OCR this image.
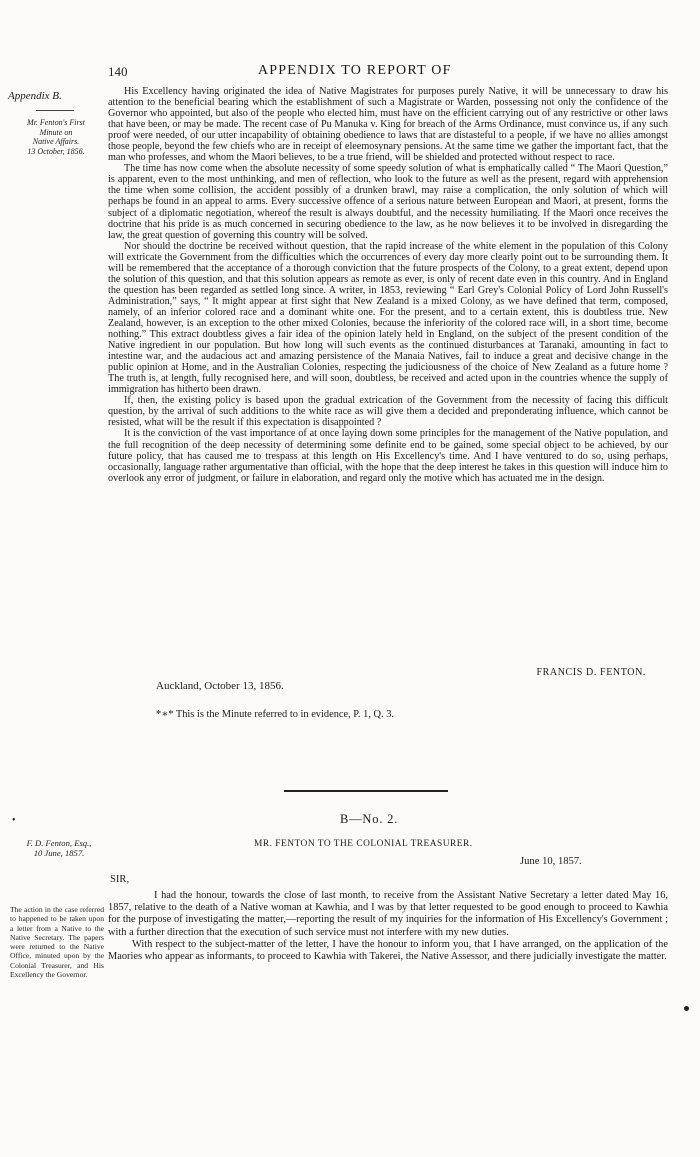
140	APPENDIX TO REPORT OF
Appendix B.
Mr. Fenton's First
Minute on
Native Affairs.
13 October, 1856.

His Excellency having originated the idea of Native Magistrates for purposes purely Native, it will be unnecessary to draw his attention to the beneficial bearing which the establishment of such a Magistrate or Warden, possessing not only the confidence of the Governor who appointed, but also of the people who elected him, must have on the efficient carrying out of any restrictive or other laws that have been, or may be made. The recent case of Pu Manuka v. King for breach of the Arms Ordinance, must convince us, if any such proof were needed, of our utter incapability of obtaining obedience to laws that are distasteful to a people, if we have no allies amongst those people, beyond the few chiefs who are in receipt of eleemosynary pensions. At the same time we gather the important fact, that the man who professes, and whom the Maori believes, to be a true friend, will be shielded and protected without respect to race.

The time has now come when the absolute necessity of some speedy solution of what is emphatically called “ The Maori Question,” is apparent, even to the most unthinking, and men of reflection, who look to the future as well as the present, regard with apprehension the time when some collision, the accident possibly of a drunken brawl, may raise a complication, the only solution of which will perhaps be found in an appeal to arms. Every successive offence of a serious nature between European and Maori, at present, forms the subject of a diplomatic negotiation, whereof the result is always doubtful, and the necessity humiliating. If the Maori once receives the doctrine that his pride is as much concerned in securing obedience to the law, as he now believes it to be involved in disregarding the law, the great question of governing this country will be solved.

Nor should the doctrine be received without question, that the rapid increase of the white element in the population of this Colony will extricate the Government from the difficulties which the occurrences of every day more clearly point out to be surrounding them. It will be remembered that the acceptance of a thorough conviction that the future prospects of the Colony, to a great extent, depend upon the solution of this question, and that this solution appears as remote as ever, is only of recent date even in this country. And in England the question has been regarded as settled long since. A writer, in 1853, reviewing “ Earl Grey's Colonial Policy of Lord John Russell's Administration,” says, “ It might appear at first sight that New Zealand is a mixed Colony, as we have defined that term, composed, namely, of an inferior colored race and a dominant white one. For the present, and to a certain extent, this is doubtless true. New Zealand, however, is an exception to the other mixed Colonies, because the inferiority of the colored race will, in a short time, become nothing.” This extract doubtless gives a fair idea of the opinion lately held in England, on the subject of the present condition of the Native ingredient in our population. But how long will such events as the continued disturbances at Taranaki, amounting in fact to intestine war, and the audacious act and amazing persistence of the Manaia Natives, fail to induce a great and decisive change in the public opinion at Home, and in the Australian Colonies, respecting the judiciousness of the choice of New Zealand as a future home ? The truth is, at length, fully recognised here, and will soon, doubtless, be received and acted upon in the countries whence the supply of immigration has hitherto been drawn.

If, then, the existing policy is based upon the gradual extrication of the Government from the necessity of facing this difficult question, by the arrival of such additions to the white race as will give them a decided and preponderating influence, which cannot be resisted, what will be the result if this expectation is disappointed ?

It is the conviction of the vast importance of at once laying down some principles for the management of the Native population, and the full recognition of the deep necessity of determining some definite end to be gained, some special object to be achieved, by our future policy, that has caused me to trespass at this length on His Excellency's time. And I have ventured to do so, using perhaps, occasionally, language rather argumentative than official, with the hope that the deep interest he takes in this question will induce him to overlook any error of judgment, or failure in elaboration, and regard only the motive which has actuated me in the design.

FRANCIS D. FENTON.
Auckland, October 13, 1856.
*∗* This is the Minute referred to in evidence, P. 1, Q. 3.
•	B—No. 2.
F. D. Fenton, Esq.,
10 June, 1857.
MR. FENTON TO THE COLONIAL TREASURER.
June 10, 1857.
SIR,
The action in the case referred to happened to be taken upon a letter from a Native to the Native Secretary. The papers were returned to the Native Office, minuted upon by the Colonial Treasurer, and His Excellency the Governor.

I had the honour, towards the close of last month, to receive from the Assistant Native Secretary a letter dated May 16, 1857, relative to the death of a Native woman at Kawhia, and I was by that letter requested to be good enough to proceed to Kawhia for the purpose of investigating the matter,—reporting the result of my inquiries for the information of His Excellency's Government ; with a further direction that the execution of such service must not interfere with my new duties.

With respect to the subject-matter of the letter, I have the honour to inform you, that I have arranged, on the application of the Maories who appear as informants, to proceed to Kawhia with Takerei, the Native Assessor, and there judicially investigate the matter.
